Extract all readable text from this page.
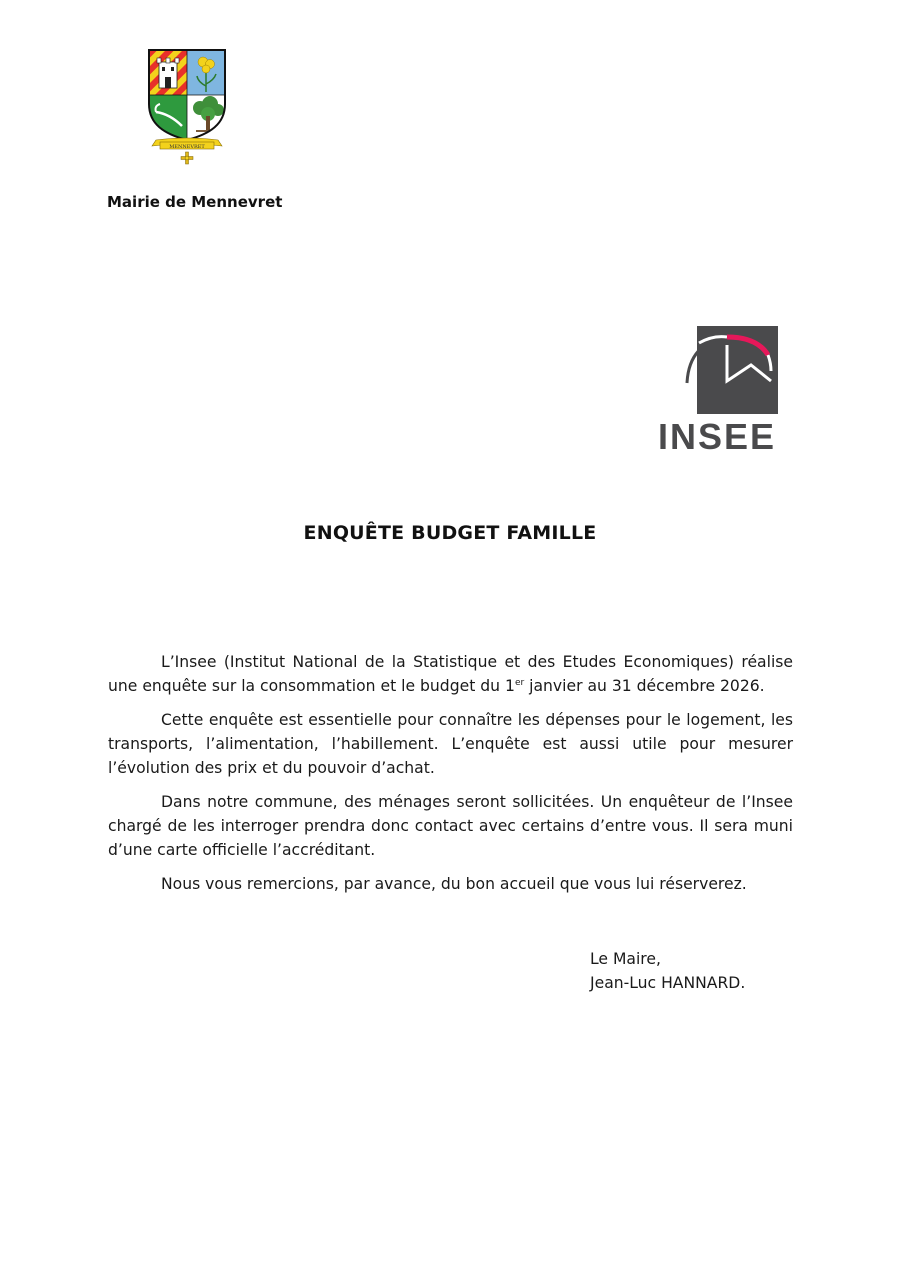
MENNEVRET
Mairie de Mennevret
INSEE
ENQUÊTE BUDGET FAMILLE

L’Insee (Institut National de la Statistique et des Etudes Economiques) réalise une enquête sur la consommation et le budget du 1er janvier au 31 décembre 2026.

Cette enquête est essentielle pour connaître les dépenses pour le logement, les transports, l’alimentation, l’habillement. L’enquête est aussi utile pour mesurer l’évolution des prix et du pouvoir d’achat.

Dans notre commune, des ménages seront sollicitées. Un enquêteur de l’Insee chargé de les interroger prendra donc contact avec certains d’entre vous. Il sera muni d’une carte officielle l’accréditant.

Nous vous remercions, par avance, du bon accueil que vous lui réserverez.

Le Maire,
Jean-Luc HANNARD.
